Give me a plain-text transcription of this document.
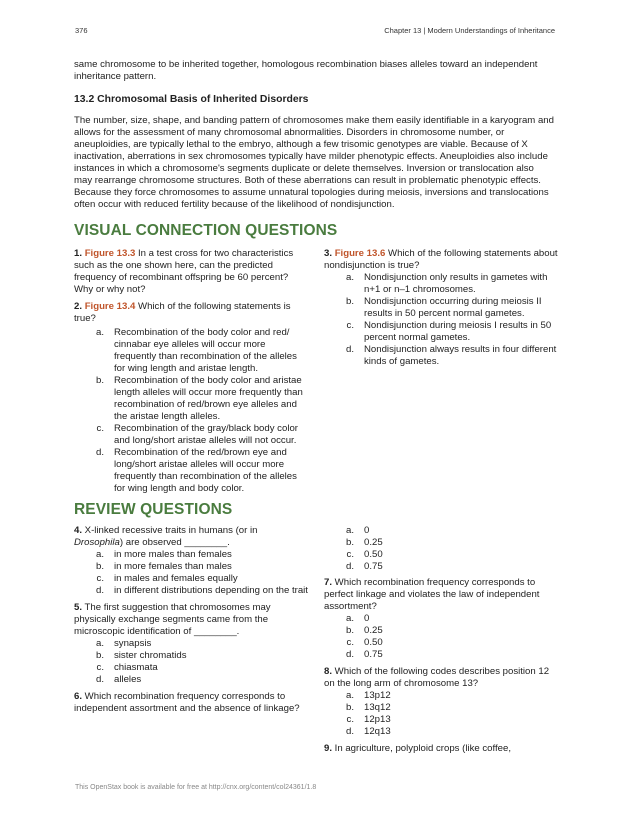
376	Chapter 13 | Modern Understandings of Inheritance
same chromosome to be inherited together, homologous recombination biases alleles toward an independent inheritance pattern.
13.2 Chromosomal Basis of Inherited Disorders
The number, size, shape, and banding pattern of chromosomes make them easily identifiable in a karyogram and allows for the assessment of many chromosomal abnormalities. Disorders in chromosome number, or aneuploidies, are typically lethal to the embryo, although a few trisomic genotypes are viable. Because of X inactivation, aberrations in sex chromosomes typically have milder phenotypic effects. Aneuploidies also include instances in which a chromosome's segments duplicate or delete themselves. Inversion or translocation also may rearrange chromosome structures. Both of these aberrations can result in problematic phenotypic effects. Because they force chromosomes to assume unnatural topologies during meiosis, inversions and translocations often occur with reduced fertility because of the likelihood of nondisjunction.
VISUAL CONNECTION QUESTIONS

1. Figure 13.3 In a test cross for two characteristics such as the one shown here, can the predicted frequency of recombinant offspring be 60 percent? Why or why not?

2. Figure 13.4 Which of the following statements is true?

a.	Recombination of the body color and red/ cinnabar eye alleles will occur more frequently than recombination of the alleles for wing length and aristae length.
b.	Recombination of the body color and aristae length alleles will occur more frequently than recombination of red/brown eye alleles and the aristae length alleles.
c.	Recombination of the gray/black body color and long/short aristae alleles will not occur.
d.	Recombination of the red/brown eye and long/short aristae alleles will occur more frequently than recombination of the alleles for wing length and body color.

3. Figure 13.6 Which of the following statements about nondisjunction is true?

a.	Nondisjunction only results in gametes with n+1 or n–1 chromosomes.
b.	Nondisjunction occurring during meiosis II results in 50 percent normal gametes.
c.	Nondisjunction during meiosis I results in 50 percent normal gametes.
d.	Nondisjunction always results in four different kinds of gametes.
REVIEW QUESTIONS

4. X-linked recessive traits in humans (or in Drosophila) are observed ________.

a.	in more males than females
b.	in more females than males
c.	in males and females equally
d.	in different distributions depending on the trait

5. The first suggestion that chromosomes may physically exchange segments came from the microscopic identification of ________.

a.	synapsis
b.	sister chromatids
c.	chiasmata
d.	alleles

6. Which recombination frequency corresponds to independent assortment and the absence of linkage?

a.	0
b.	0.25
c.	0.50
d.	0.75

7. Which recombination frequency corresponds to perfect linkage and violates the law of independent assortment?

a.	0
b.	0.25
c.	0.50
d.	0.75

8. Which of the following codes describes position 12 on the long arm of chromosome 13?

a.	13p12
b.	13q12
c.	12p13
d.	12q13

9. In agriculture, polyploid crops (like coffee,

This OpenStax book is available for free at http://cnx.org/content/col24361/1.8
